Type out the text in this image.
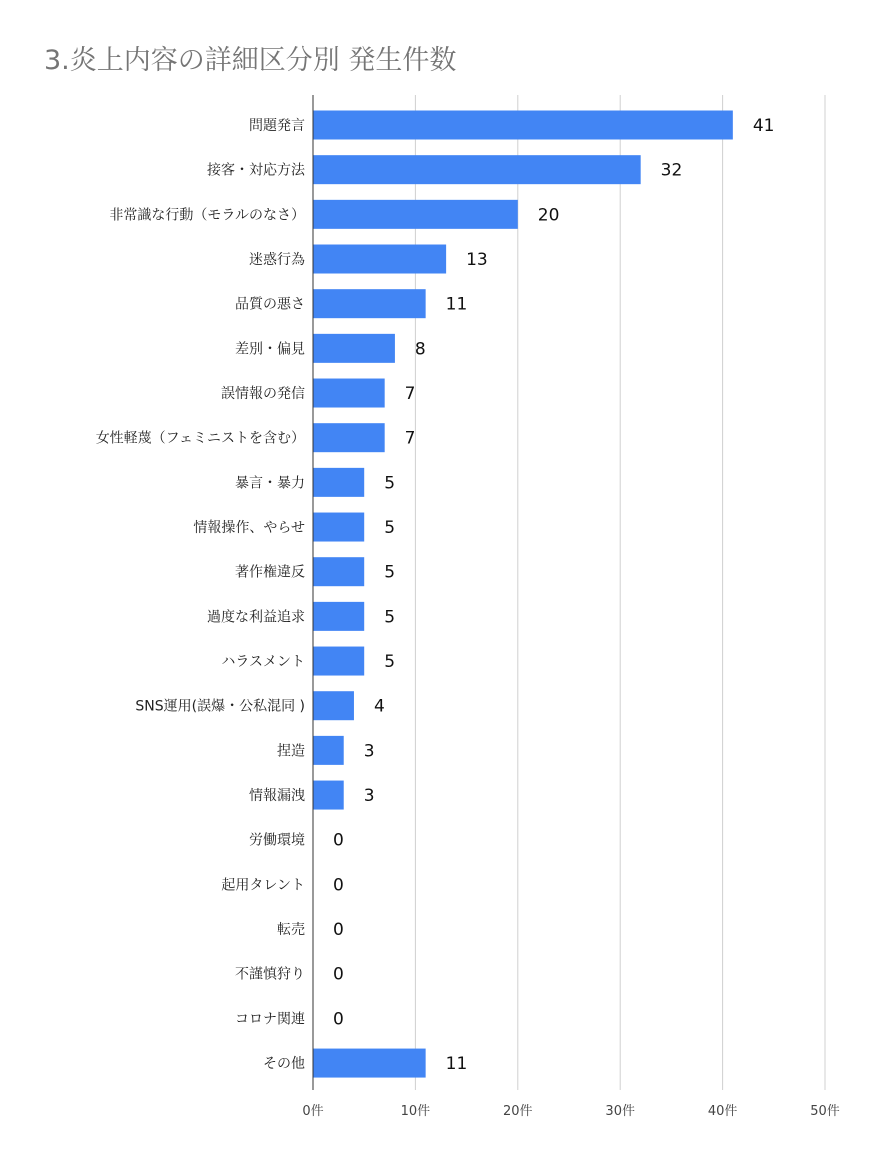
3.炎上内容の詳細区分別 発生件数
問題発言
接客・対応方法
非常識な行動（モラルのなさ）
迷惑行為
品質の悪さ
差別・偏見
誤情報の発信
女性軽蔑（フェミニストを含む）
暴言・暴力
情報操作、やらせ
著作権違反
過度な利益追求
ハラスメント
SNS運用(誤爆・公私混同 )
捏造
情報漏洩
労働環境
起用タレント
転売
不謹慎狩り
コロナ関連
その他
41
32
20
13
11
8
7
7
5
5
5
5
5
4
3
3
0
0
0
0
0
11
0件	10件	20件	30件	40件	50件
